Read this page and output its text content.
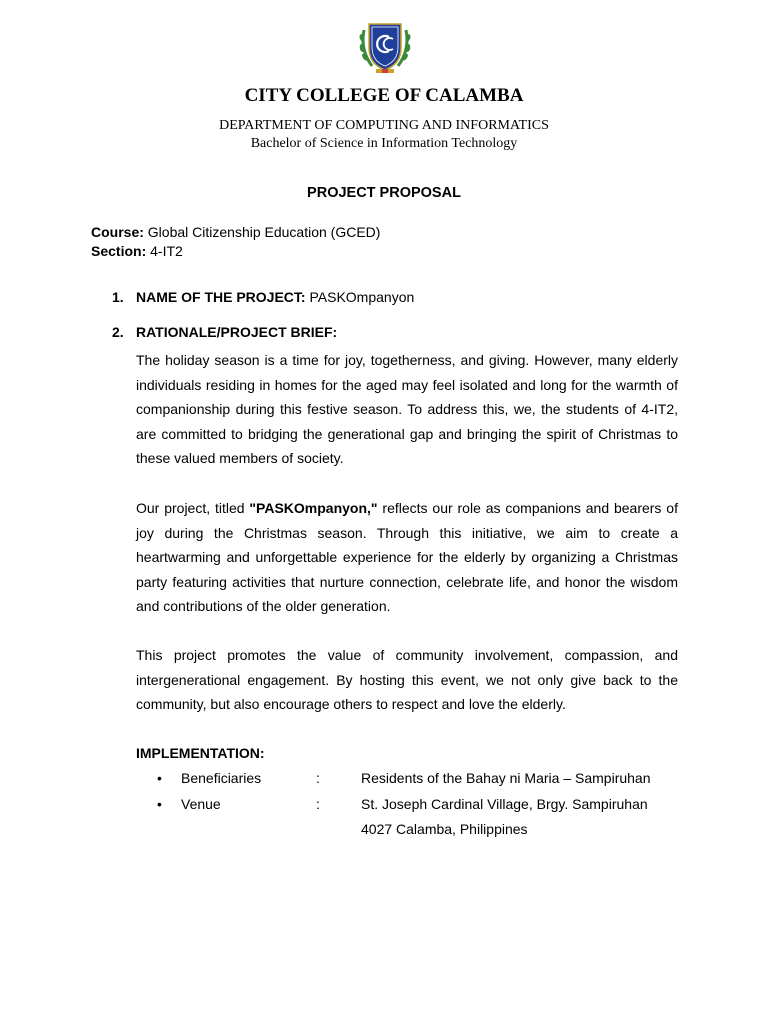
CITY COLLEGE OF CALAMBA
DEPARTMENT OF COMPUTING AND INFORMATICS
Bachelor of Science in Information Technology
PROJECT PROPOSAL
Course: Global Citizenship Education (GCED)
Section: 4-IT2
1. NAME OF THE PROJECT: PASKOmpanyon
2. RATIONALE/PROJECT BRIEF:
The holiday season is a time for joy, togetherness, and giving. However, many elderly individuals residing in homes for the aged may feel isolated and long for the warmth of companionship during this festive season. To address this, we, the students of 4-IT2, are committed to bridging the generational gap and bringing the spirit of Christmas to these valued members of society.
Our project, titled "PASKOmpanyon," reflects our role as companions and bearers of joy during the Christmas season. Through this initiative, we aim to create a heartwarming and unforgettable experience for the elderly by organizing a Christmas party featuring activities that nurture connection, celebrate life, and honor the wisdom and contributions of the older generation.
This project promotes the value of community involvement, compassion, and intergenerational engagement. By hosting this event, we not only give back to the community, but also encourage others to respect and love the elderly.
IMPLEMENTATION:
• Beneficiaries	:	Residents of the Bahay ni Maria – Sampiruhan
• Venue	:	St. Joseph Cardinal Village, Brgy. Sampiruhan
4027 Calamba, Philippines
